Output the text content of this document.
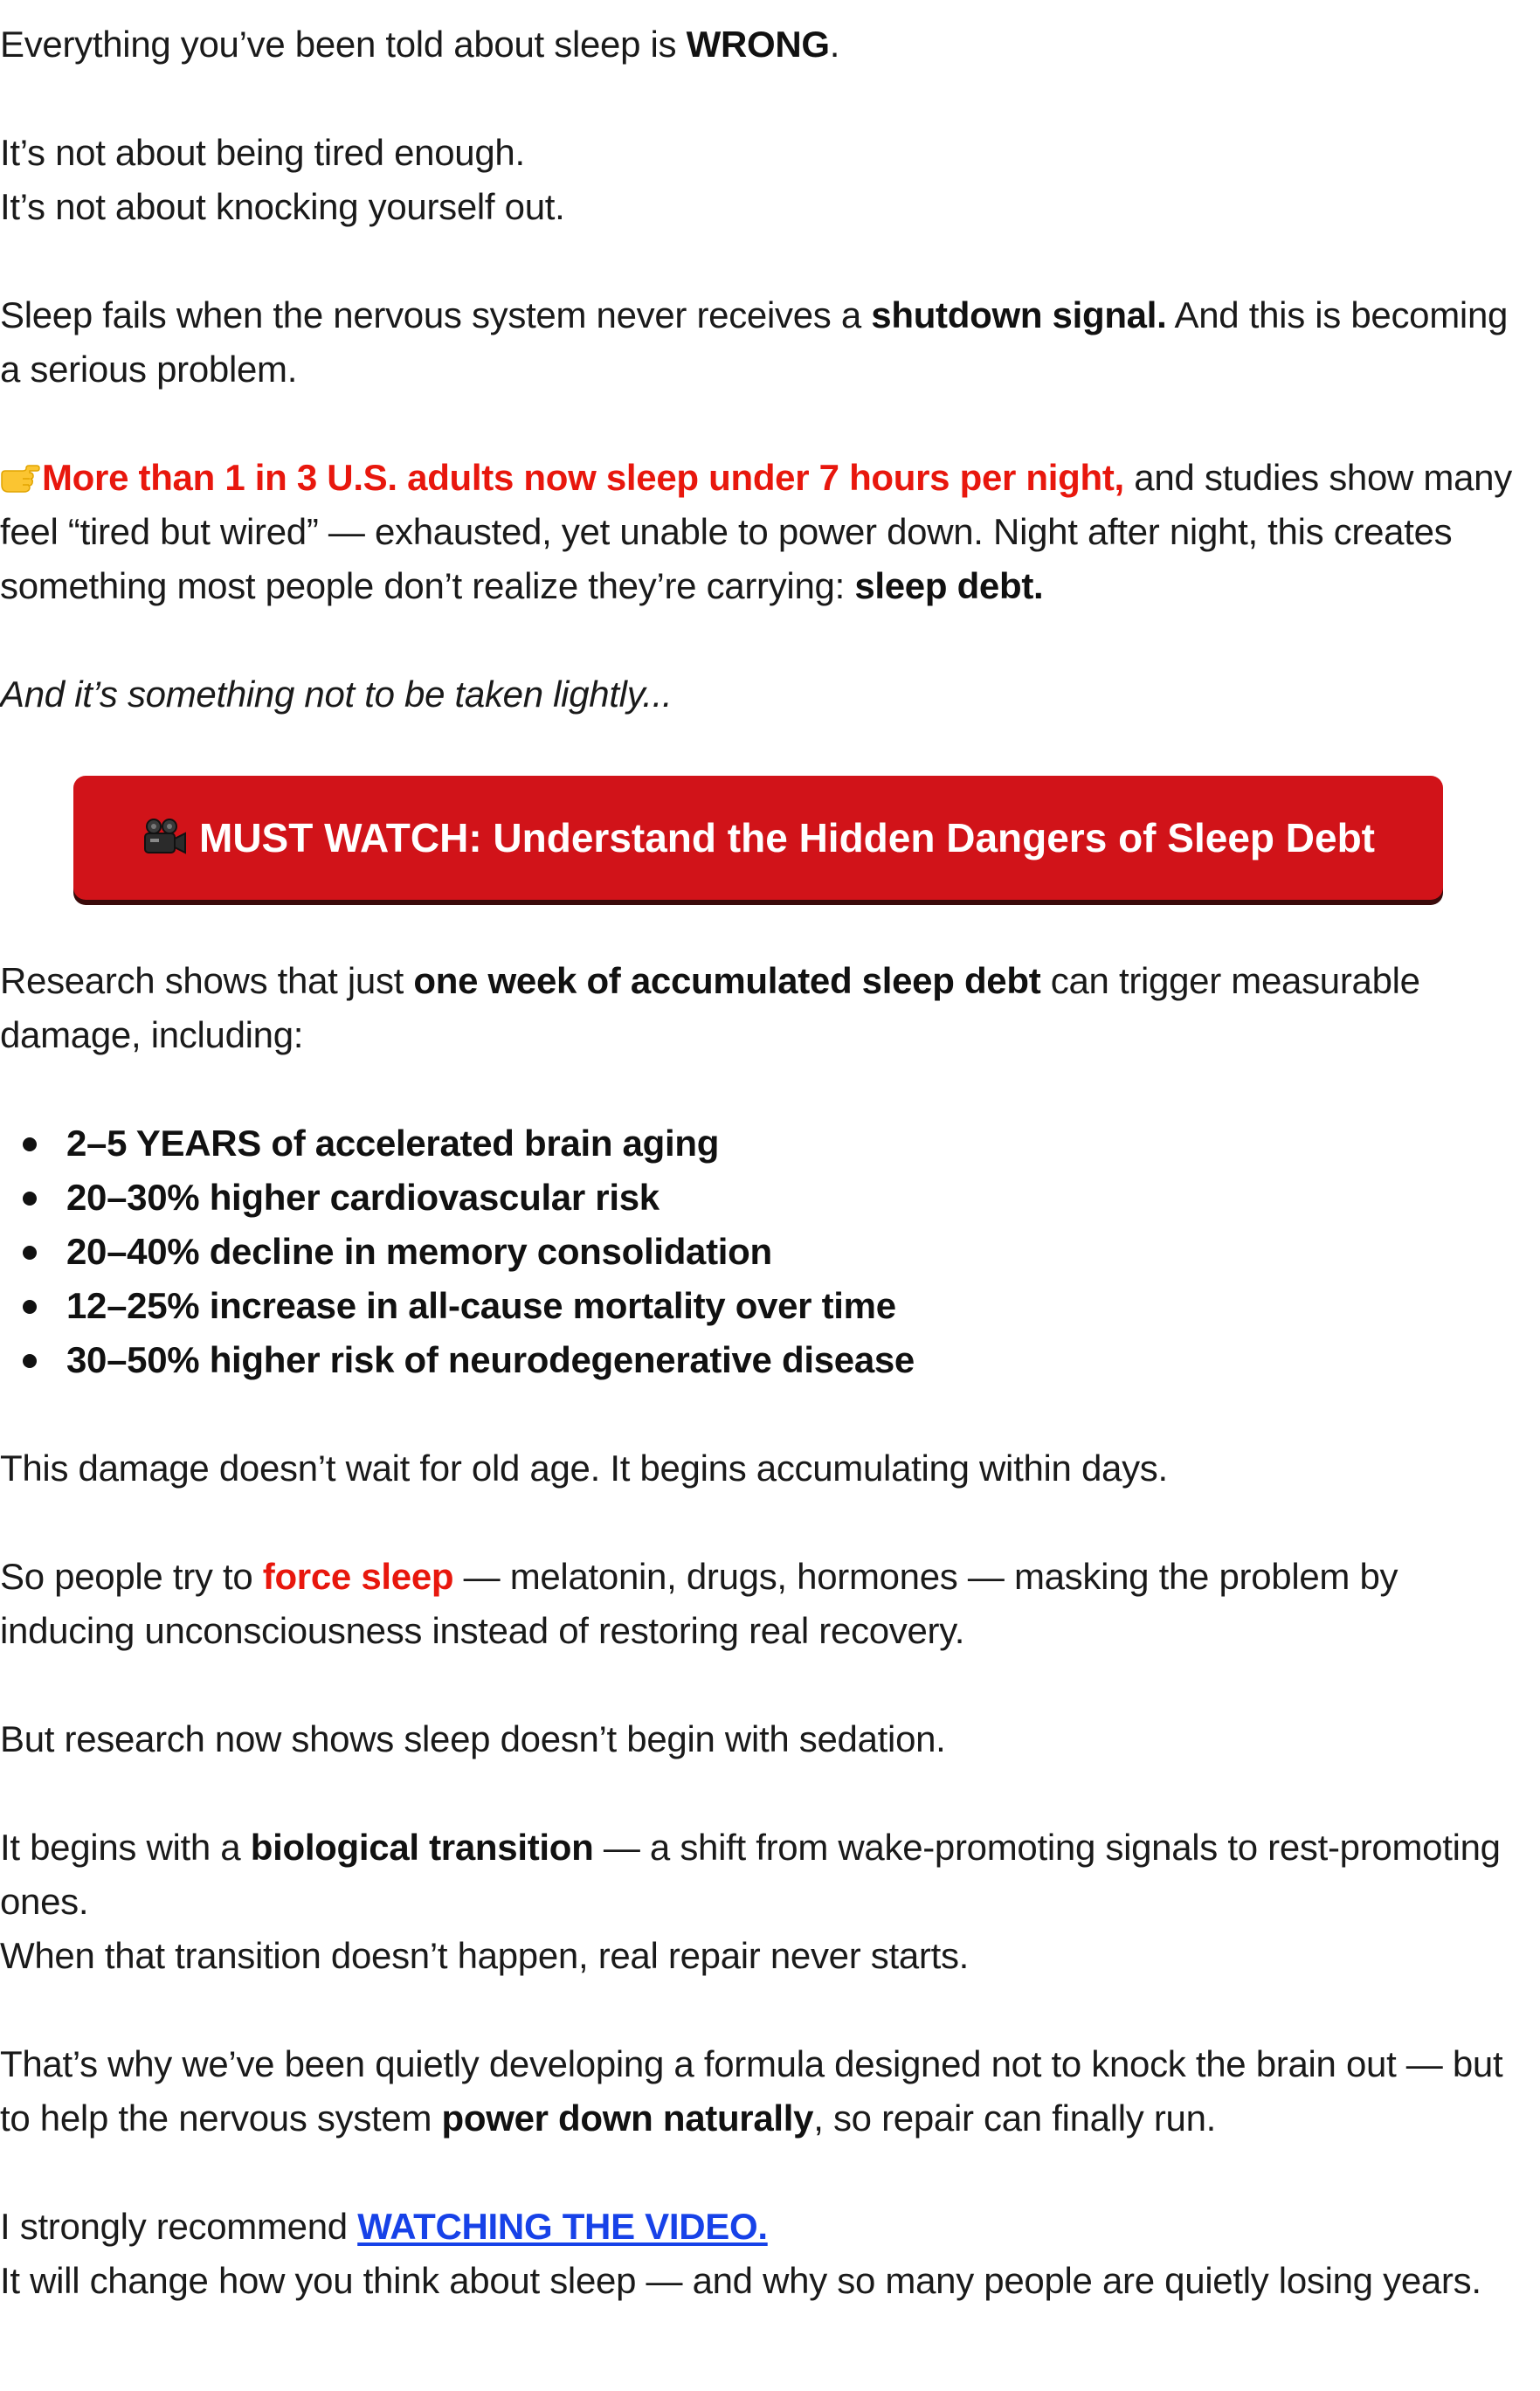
Everything you’ve been told about sleep is WRONG.

It’s not about being tired enough.
It’s not about knocking yourself out.

Sleep fails when the nervous system never receives a shutdown signal. And this is becoming a serious problem.

More than 1 in 3 U.S. adults now sleep under 7 hours per night, and studies show many feel “tired but wired” — exhausted, yet unable to power down. Night after night, this creates something most people don’t realize they’re carrying: sleep debt.

And it’s something not to be taken lightly...

MUST WATCH: Understand the Hidden Dangers of Sleep Debt

Research shows that just one week of accumulated sleep debt can trigger measurable damage, including:

2–5 YEARS of accelerated brain aging
20–30% higher cardiovascular risk
20–40% decline in memory consolidation
12–25% increase in all-cause mortality over time
30–50% higher risk of neurodegenerative disease

This damage doesn’t wait for old age. It begins accumulating within days.

So people try to force sleep — melatonin, drugs, hormones — masking the problem by inducing unconsciousness instead of restoring real recovery.

But research now shows sleep doesn’t begin with sedation.

It begins with a biological transition — a shift from wake-promoting signals to rest-promoting ones.
When that transition doesn’t happen, real repair never starts.

That’s why we’ve been quietly developing a formula designed not to knock the brain out — but to help the nervous system power down naturally, so repair can finally run.

I strongly recommend WATCHING THE VIDEO.
It will change how you think about sleep — and why so many people are quietly losing years.
